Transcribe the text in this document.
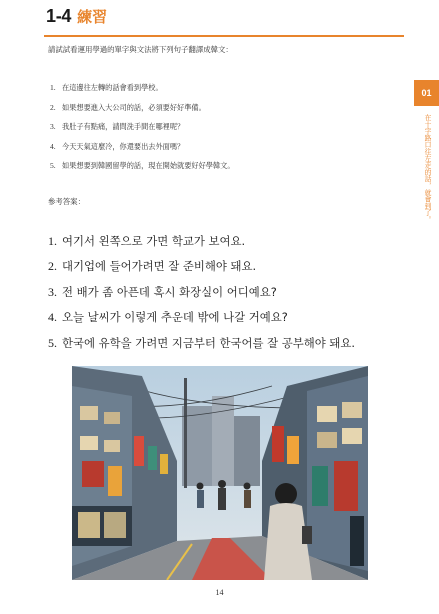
1-4 練習
請試試看運用學過的單字與文法將下列句子翻譯成韓文：
1. 在這邊往左轉的話會看到學校。
2. 如果想要進入大公司的話，必須要好好準備。
3. 我肚子有點痛，請問洗手間在哪裡呢？
4. 今天天氣這麼冷，你還要出去外面嗎？
5. 如果想要到韓國留學的話，現在開始就要好好學韓文。
參考答案：
1. 여기서 왼쪽으로 가면 학교가 보여요.
2. 대기업에 들어가려면 잘 준비해야 돼요.
3. 전 배가 좀 아픈데 혹시 화장실이 어디예요?
4. 오늘 날씨가 이렇게 추운데 밖에 나갈 거예요?
5. 한국에 유학을 가려면 지금부터 한국어를 잘 공부해야 돼요.
01
在十字路口往左走的話，就會到了。
14
